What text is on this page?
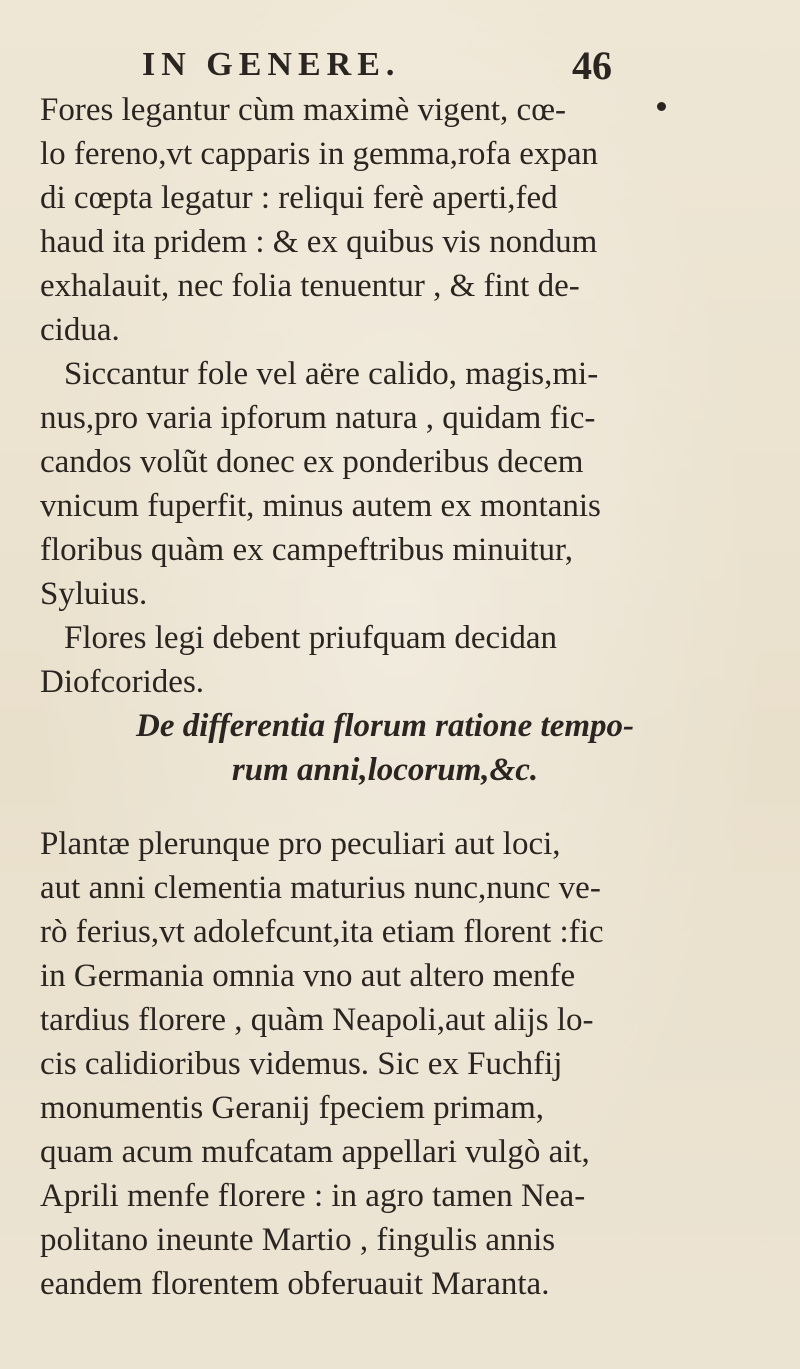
IN GENERE.	46
Fores legantur cùm maximè vigent, cœ-
lo fereno,vt capparis in gemma,rofa expan
di cœpta legatur : reliqui ferè aperti,fed
haud ita pridem : & ex quibus vis nondum
exhalauit, nec folia tenuentur , & fint de-
cidua.
Siccantur fole vel aëre calido, magis,mi-
nus,pro varia ipforum natura , quidam fic-
candos volũt donec ex ponderibus decem
vnicum fuperfit, minus autem ex montanis
floribus quàm ex campeftribus minuitur,
Syluius.
Flores legi debent priufquam decidan
Diofcorides.
De differentia florum ratione tempo-
rum anni,locorum,&c.
Plantæ plerunque pro peculiari aut loci,
aut anni clementia maturius nunc,nunc ve-
rò ferius,vt adolefcunt,ita etiam florent :fic
in Germania omnia vno aut altero menfe
tardius florere , quàm Neapoli,aut alijs lo-
cis calidioribus videmus. Sic ex Fuchfij
monumentis Geranij fpeciem primam,
quam acum mufcatam appellari vulgò ait,
Aprili menfe florere : in agro tamen Nea-
politano ineunte Martio , fingulis annis
eandem florentem obferuauit Maranta.
